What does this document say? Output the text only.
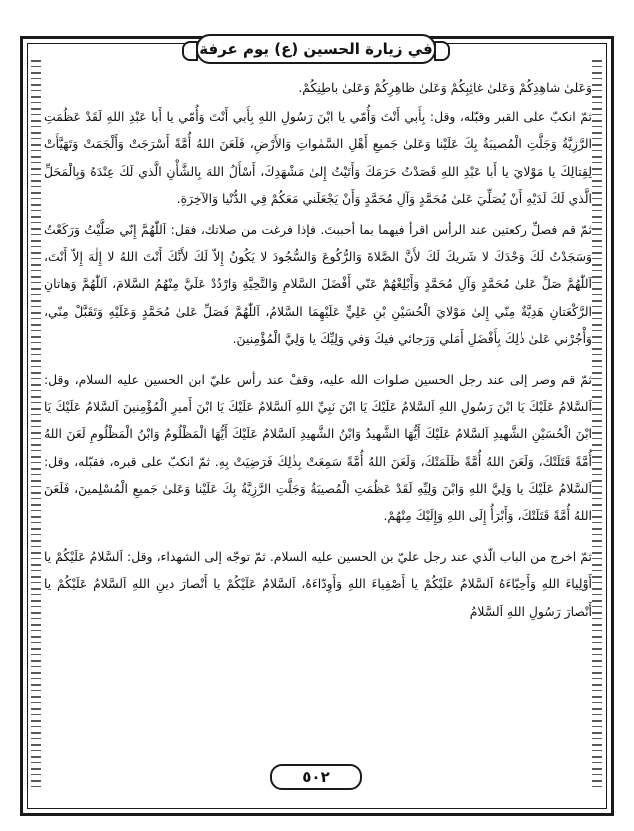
في زيارة الحسين (ع) يوم عرفة

وَعَلىٰ شاهِدِكُمْ وَعَلىٰ غائِبِكُمْ وَعَلىٰ ظاهِرِكُمْ وَعَلىٰ باطِنِكُمْ.

ثمّ انكبّ على القبر وقبّله، وقل: بِأَبي أَنْتَ وَأُمّي يا ابْنَ رَسُولِ اللهِ بِأَبي أَنْتَ وَأُمّي يا أَبا عَبْدِ اللهِ لَقَدْ عَظُمَتِ الرَّزِيَّةُ وَجَلَّتِ الْمُصيبَةُ بِكَ عَلَيْنا وَعَلىٰ جَميعِ أَهْلِ السَّمٰواتِ وَالأَرْضِ، فَلَعَنَ اللهُ أُمَّةً أَسْرَجَتْ وَأَلْجَمَتْ وَتَهَيَّأَتْ لِقِتالِكَ يا مَوْلايَ يا أَبا عَبْدِ اللهِ قَصَدْتُ حَرَمَكَ وَأَتَيْتُ إِلىٰ مَشْهَدِكَ، أَسْأَلُ اللهَ بِالشَّأْنِ الَّذي لَكَ عِنْدَهُ وَبِالْمَحَلِّ الَّذي لَكَ لَدَيْهِ أَنْ يُصَلِّيَ عَلىٰ مُحَمَّدٍ وَآلِ مُحَمَّدٍ وَأَنْ يَجْعَلَني مَعَكُمْ فِي الدُّنْيا وَالآخِرَةِ.

ثمّ قم فصلِّ ركعتين عند الرأس اقرأ فيهما بما أحببتَ. فإذا فرغت من صلاتك، فقل: اَللّٰهُمَّ إِنّي صَلَّيْتُ وَرَكَعْتُ وَسَجَدْتُ لَكَ وَحْدَكَ لا شَريكَ لَكَ لأَنَّ الصَّلاةَ وَالرُّكُوعَ وَالسُّجُودَ لا يَكُونُ إِلاّ لَكَ لأَنَّكَ أَنْتَ اللهُ لا إِلٰهَ إِلاّ أَنْتَ، اَللّٰهُمَّ صَلِّ عَلىٰ مُحَمَّدٍ وَآلِ مُحَمَّدٍ وَأَبْلِغْهُمْ عَنّي أَفْضَلَ السَّلامِ وَالتَّحِيَّةِ وَارْدُدْ عَلَيَّ مِنْهُمُ السَّلامَ، اَللّٰهُمَّ وَهاتانِ الرَّكْعَتانِ هَدِيَّةٌ مِنّي إِلىٰ مَوْلايَ الْحُسَيْنِ بْنِ عَلِيٍّ عَلَيْهِمَا السَّلامُ، اَللّٰهُمَّ فَصَلِّ عَلىٰ مُحَمَّدٍ وَعَلَيْهِ وَتَقَبَّلْ مِنّي، وَأْجُرْني عَلىٰ ذٰلِكَ بِأَفْضَلِ أَمَلي وَرَجائي فيكَ وَفي وَلِيِّكَ يا وَلِيَّ الْمُؤْمِنينَ.

ثمّ قم وصر إلى عند رجل الحسين صلوات الله عليه، وقفْ عند رأس عليّ ابن الحسين عليه السلام، وقل: اَلسَّلامُ عَلَيْكَ يَا ابْنَ رَسُولِ اللهِ اَلسَّلامُ عَلَيْكَ يَا ابْنَ نَبِيِّ اللهِ اَلسَّلامُ عَلَيْكَ يَا ابْنَ أَميرِ الْمُؤْمِنينَ اَلسَّلامُ عَلَيْكَ يَا ابْنَ الْحُسَيْنِ الشَّهيدِ اَلسَّلامُ عَلَيْكَ أَيُّهَا الشَّهيدُ وَابْنُ الشَّهيدِ اَلسَّلامُ عَلَيْكَ أَيُّهَا الْمَظْلُومُ وَابْنُ الْمَظْلُومِ لَعَنَ اللهُ أُمَّةً قَتَلَتْكَ، وَلَعَنَ اللهُ أُمَّةً ظَلَمَتْكَ، وَلَعَنَ اللهُ أُمَّةً سَمِعَتْ بِذٰلِكَ فَرَضِيَتْ بِهِ. ثمّ انكبّ على قبره، فقبّله، وقل: اَلسَّلامُ عَلَيْكَ يا وَلِيَّ اللهِ وَابْنَ وَلِيِّهِ لَقَدْ عَظُمَتِ الْمُصيبَةُ وَجَلَّتِ الرَّزِيَّةُ بِكَ عَلَيْنا وَعَلىٰ جَميعِ الْمُسْلِمينَ، فَلَعَنَ اللهُ أُمَّةً قَتَلَتْكَ، وَأَبْرَأُ إِلَى اللهِ وَإِلَيْكَ مِنْهُمْ.

ثمّ اخرج من الباب الّذي عند رجل عليّ بن الحسين عليه السلام. ثمّ توجّه إلى الشهداء، وقل: اَلسَّلامُ عَلَيْكُمْ يا أَوْلِياءَ اللهِ وَأَحِبّاءَهُ اَلسَّلامُ عَلَيْكُمْ يا أَصْفِياءَ اللهِ وَأَوِدّاءَهُ، اَلسَّلامُ عَلَيْكُمْ يا أَنْصارَ دينِ اللهِ اَلسَّلامُ عَلَيْكُمْ يا أَنْصارَ رَسُولِ اللهِ اَلسَّلامُ

٥٠٢
